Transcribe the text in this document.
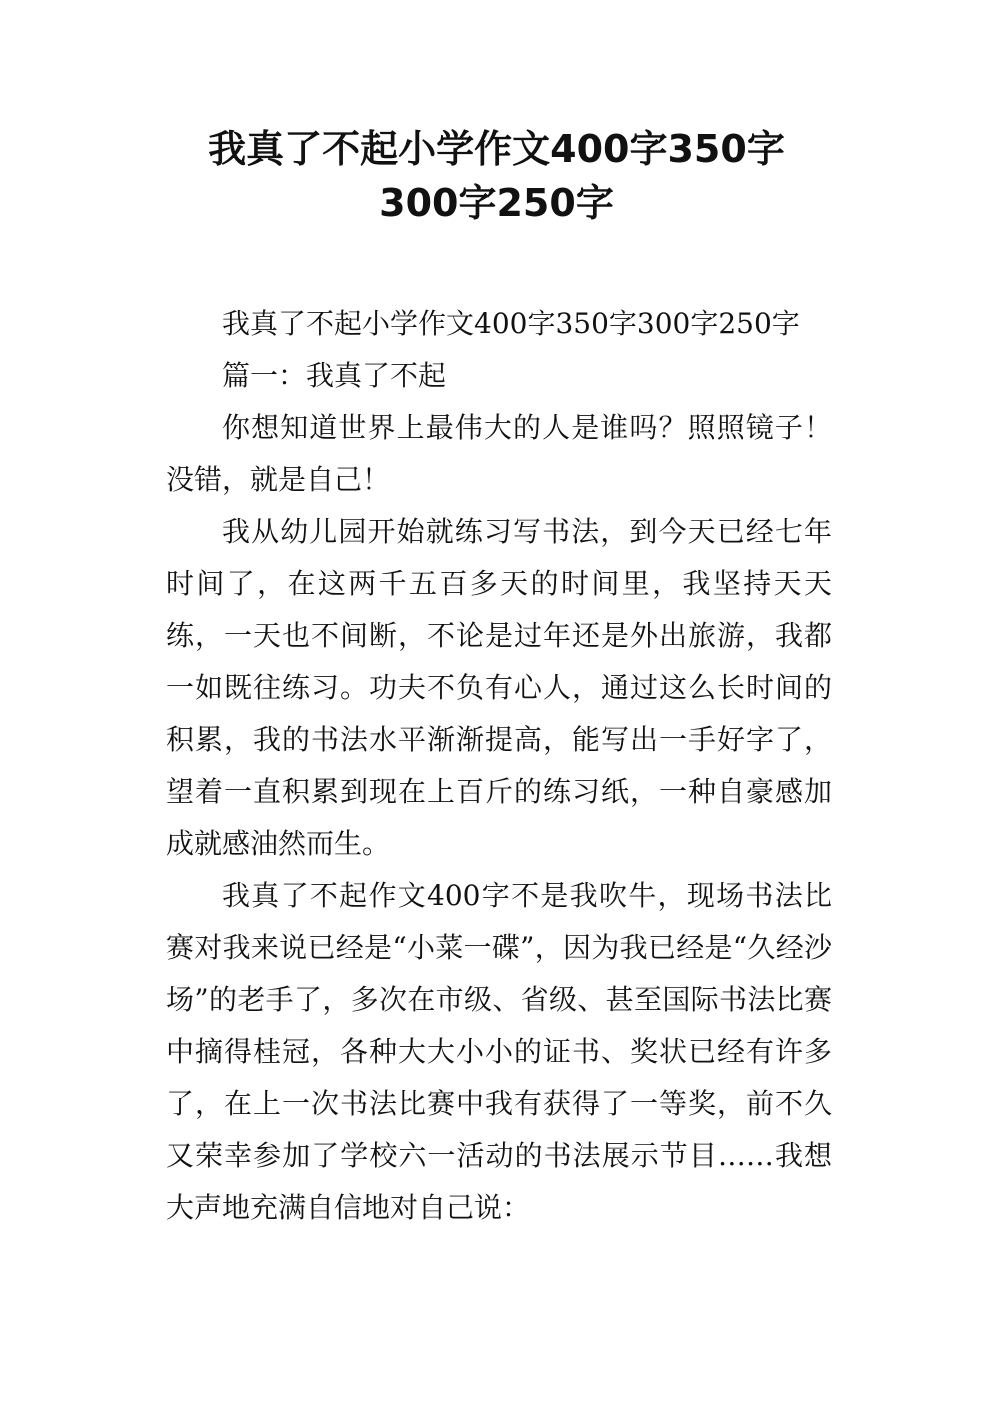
我真了不起小学作文400字350字
300字250字

我真了不起小学作文400字350字300字250字

篇一：我真了不起

你想知道世界上最伟大的人是谁吗？照照镜子！没错，就是自己！

我从幼儿园开始就练习写书法，到今天已经七年时间了，在这两千五百多天的时间里，我坚持天天练，一天也不间断，不论是过年还是外出旅游，我都一如既往练习。功夫不负有心人，通过这么长时间的积累，我的书法水平渐渐提高，能写出一手好字了，望着一直积累到现在上百斤的练习纸，一种自豪感加成就感油然而生。

我真了不起作文400字不是我吹牛，现场书法比赛对我来说已经是“小菜一碟”，因为我已经是“久经沙场”的老手了，多次在市级、省级、甚至国际书法比赛中摘得桂冠，各种大大小小的证书、奖状已经有许多了，在上一次书法比赛中我有获得了一等奖，前不久又荣幸参加了学校六一活动的书法展示节目……我想大声地充满自信地对自己说：
